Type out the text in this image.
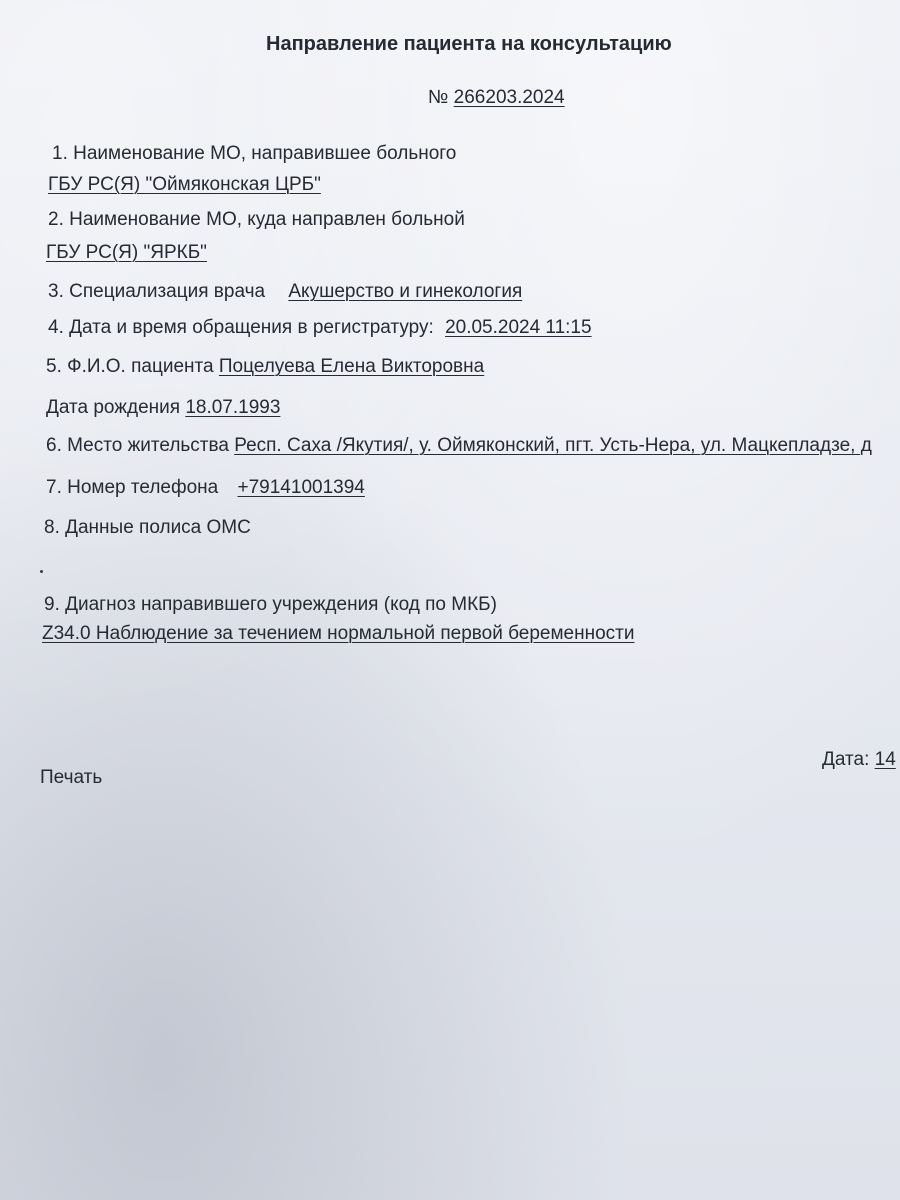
Направление пациента на консультацию
№ 266203.2024
1. Наименование МО, направившее больного
ГБУ РС(Я) "Оймяконская ЦРБ"
2. Наименование МО, куда направлен больной
ГБУ РС(Я) "ЯРКБ"
3. Специализация врача Акушерство и гинекология
4. Дата и время обращения в регистратуру: 20.05.2024 11:15
5. Ф.И.О. пациента Поцелуева Елена Викторовна
Дата рождения 18.07.1993
6. Место жительства Респ. Саха /Якутия/, у. Оймяконский, пгт. Усть-Нера, ул. Мацкепладзе, д
7. Номер телефона +79141001394
8. Данные полиса ОМС
9. Диагноз направившего учреждения (код по МКБ)
Z34.0 Наблюдение за течением нормальной первой беременности
Дата: 14
Печать
